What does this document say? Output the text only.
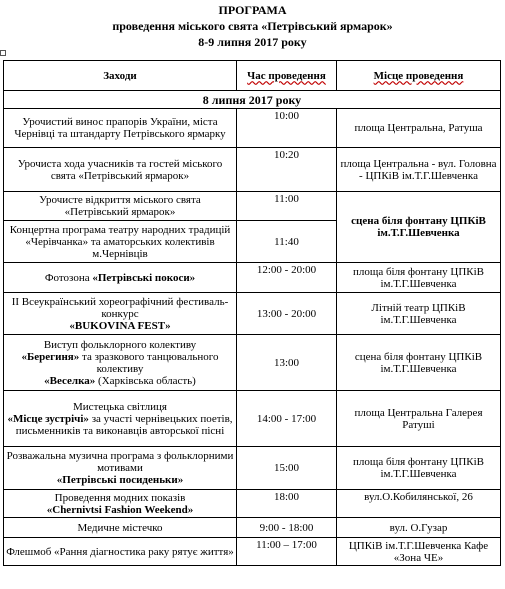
ПРОГРАМА
проведення міського свята «Петрівський ярмарок»
8-9 липня 2017 року
Заходи	Час проведення	Місце проведення
8 липня 2017 року		
Урочистий винос прапорів України, міста Чернівці та штандарту Петрівського ярмарку	10:00	площа Центральна, Ратуша
Урочиста хода учасників та гостей міського свята «Петрівський ярмарок»	10:20	площа Центральна - вул. Головна - ЦПКіВ ім.Т.Г.Шевченка
Урочисте відкриття міського свята «Петрівський ярмарок»	11:00	сцена біля фонтану ЦПКіВ ім.Т.Г.Шевченка
Концертна програма театру народних традицій «Черівчанка» та аматорських колективів м.Чернівців	11:40	
Фотозона «Петрівські покоси»	12:00 - 20:00	площа біля фонтану ЦПКіВ ім.Т.Г.Шевченка
ІІ Всеукраїнський хореографічний фестиваль-конкурс
«BUKOVINA FEST»	13:00 - 20:00	Літній театр ЦПКіВ ім.Т.Г.Шевченка
Виступ фольклорного колективу
«Берегиня» та зразкового танцювального колективу
«Веселка» (Харківська область)	13:00	сцена біля фонтану ЦПКіВ ім.Т.Г.Шевченка
Мистецька світлиця
«Місце зустрічі» за участі чернівецьких поетів, письменників та виконавців авторської пісні	14:00 - 17:00	площа Центральна Галерея Ратуші
Розважальна музична програма з фольклорними мотивами
«Петрівські посиденьки»	15:00	площа біля фонтану ЦПКіВ ім.Т.Г.Шевченка
Проведення модних показів
«Chernivtsi Fashion Weekend»	18:00	вул.О.Кобилянської, 26
Медичне містечко	9:00 - 18:00	вул. О.Гузар
Флешмоб «Рання діагностика раку рятує життя»	11:00 – 17:00	ЦПКіВ ім.Т.Г.Шевченка Кафе «Зона ЧЕ»
